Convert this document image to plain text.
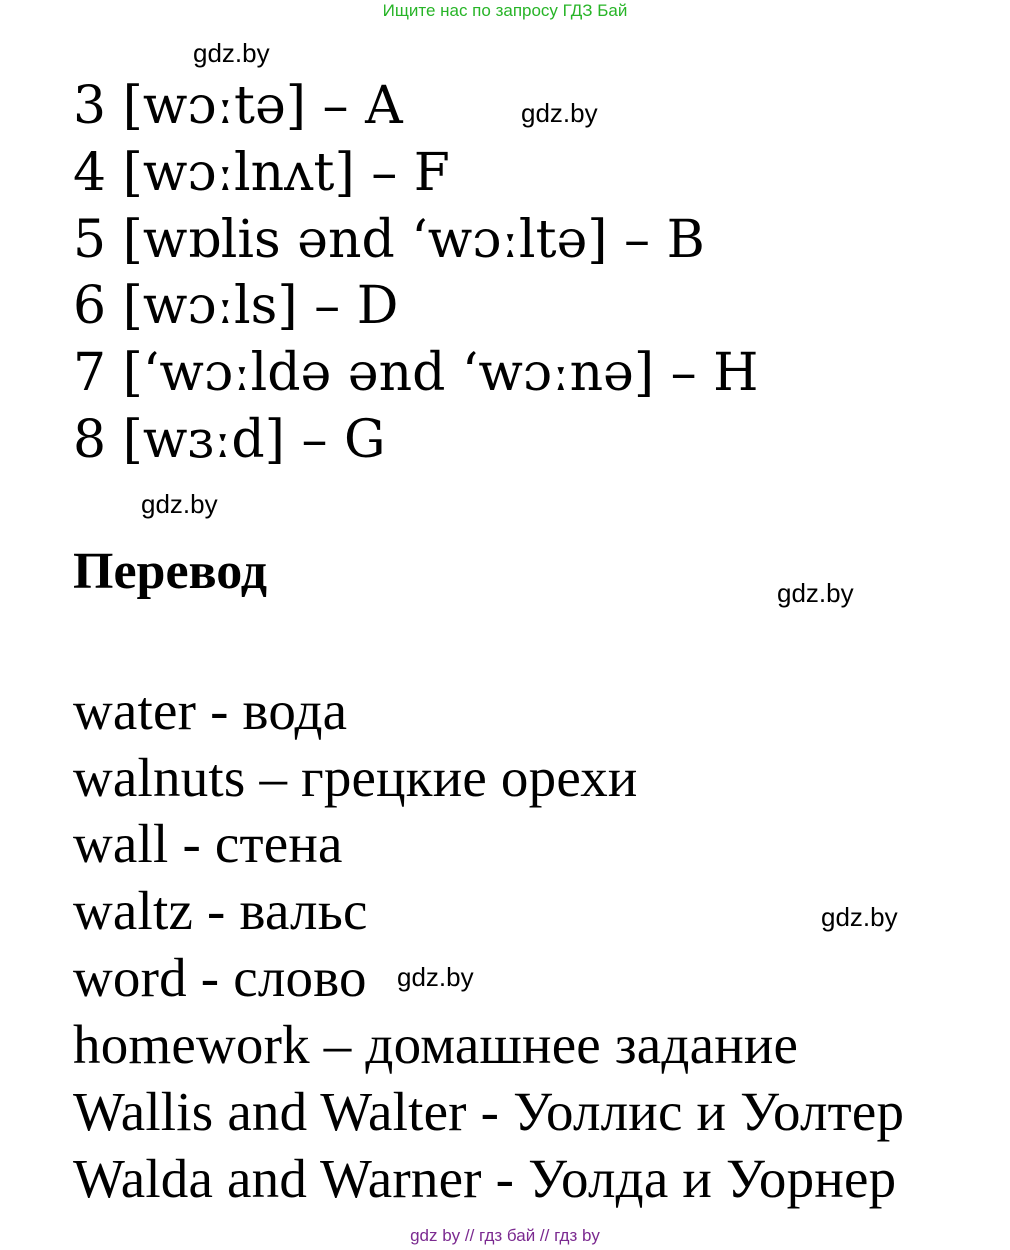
Ищите нас по запросу ГДЗ Бай
gdz.by
gdz.by
3 [wɔːtə] – A
4 [wɔːlnʌt] – F
5 [wɒlis ənd ‘wɔːltə] – B
6 [wɔːls] – D
7 [‘wɔːldə ənd ‘wɔːnə] – H
8 [wɜːd] – G
gdz.by
Перевод	gdz.by
water - вода
walnuts – грецкие орехи
wall - стена
waltz - вальс
word - слово
homework – домашнее задание
Wallis and Walter - Уоллис и Уолтер
Walda and Warner - Уолда и Уорнер
gdz.by
gdz.by
gdz by // гдз бай // гдз by
